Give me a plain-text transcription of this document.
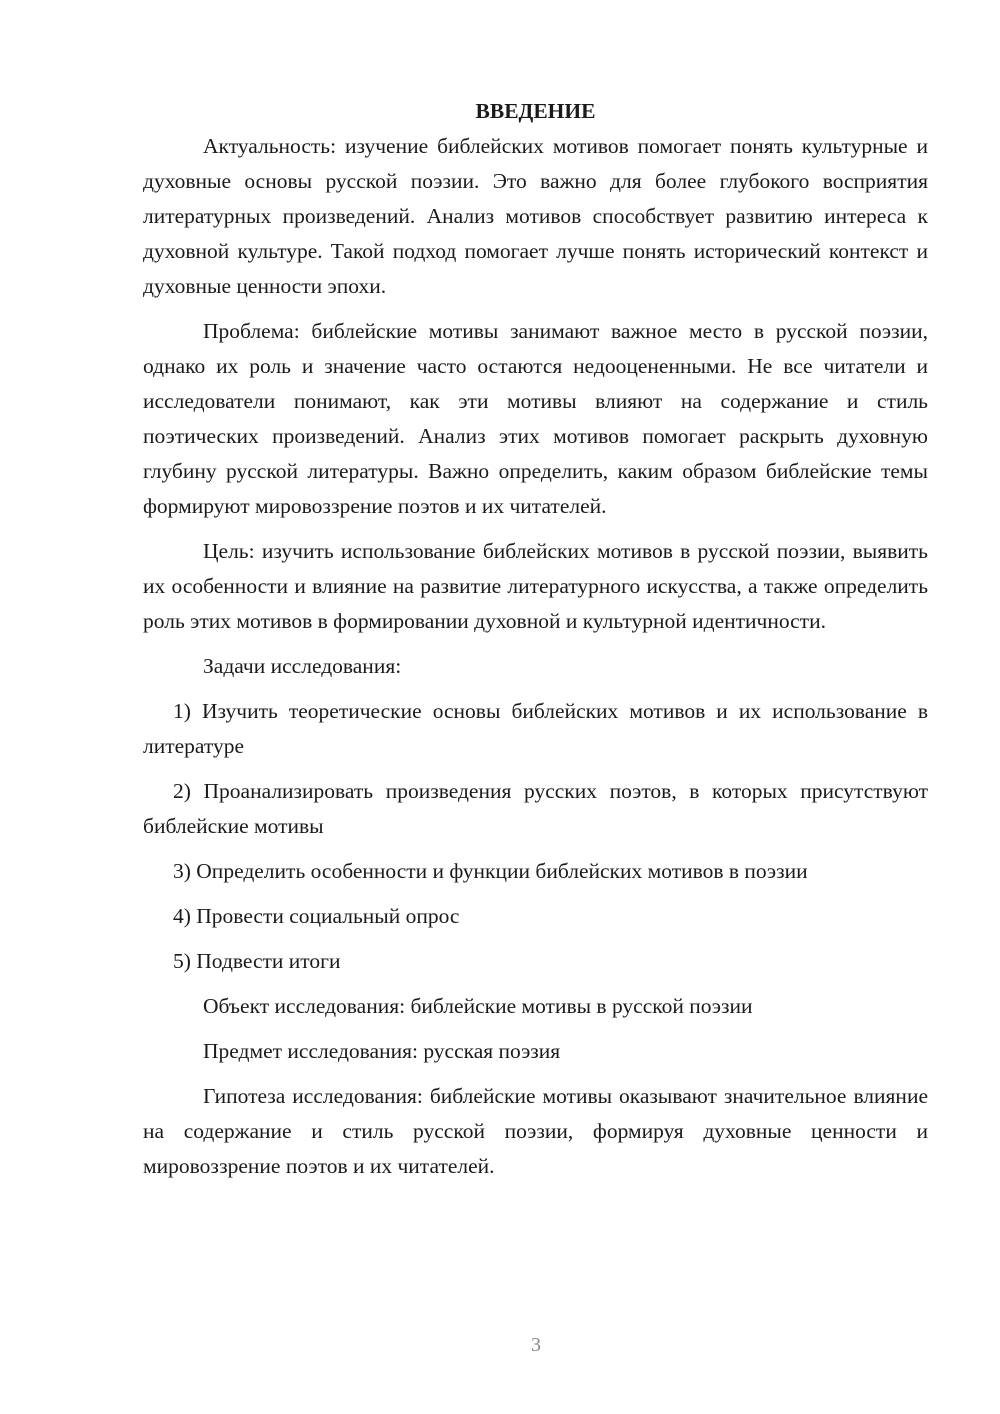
ВВЕДЕНИЕ

Актуальность: изучение библейских мотивов помогает понять культурные и духовные основы русской поэзии. Это важно для более глубокого восприятия литературных произведений. Анализ мотивов способствует развитию интереса к духовной культуре. Такой подход помогает лучше понять исторический контекст и духовные ценности эпохи.

Проблема: библейские мотивы занимают важное место в русской поэзии, однако их роль и значение часто остаются недооцененными. Не все читатели и исследователи понимают, как эти мотивы влияют на содержание и стиль поэтических произведений. Анализ этих мотивов помогает раскрыть духовную глубину русской литературы. Важно определить, каким образом библейские темы формируют мировоззрение поэтов и их читателей.

Цель: изучить использование библейских мотивов в русской поэзии, выявить их особенности и влияние на развитие литературного искусства, а также определить роль этих мотивов в формировании духовной и культурной идентичности.

Задачи исследования:

1) Изучить теоретические основы библейских мотивов и их использование в литературе

2) Проанализировать произведения русских поэтов, в которых присутствуют библейские мотивы

3) Определить особенности и функции библейских мотивов в поэзии

4) Провести социальный опрос

5) Подвести итоги

Объект исследования: библейские мотивы в русской поэзии

Предмет исследования: русская поэзия

Гипотеза исследования: библейские мотивы оказывают значительное влияние на содержание и стиль русской поэзии, формируя духовные ценности и мировоззрение поэтов и их читателей.

3
